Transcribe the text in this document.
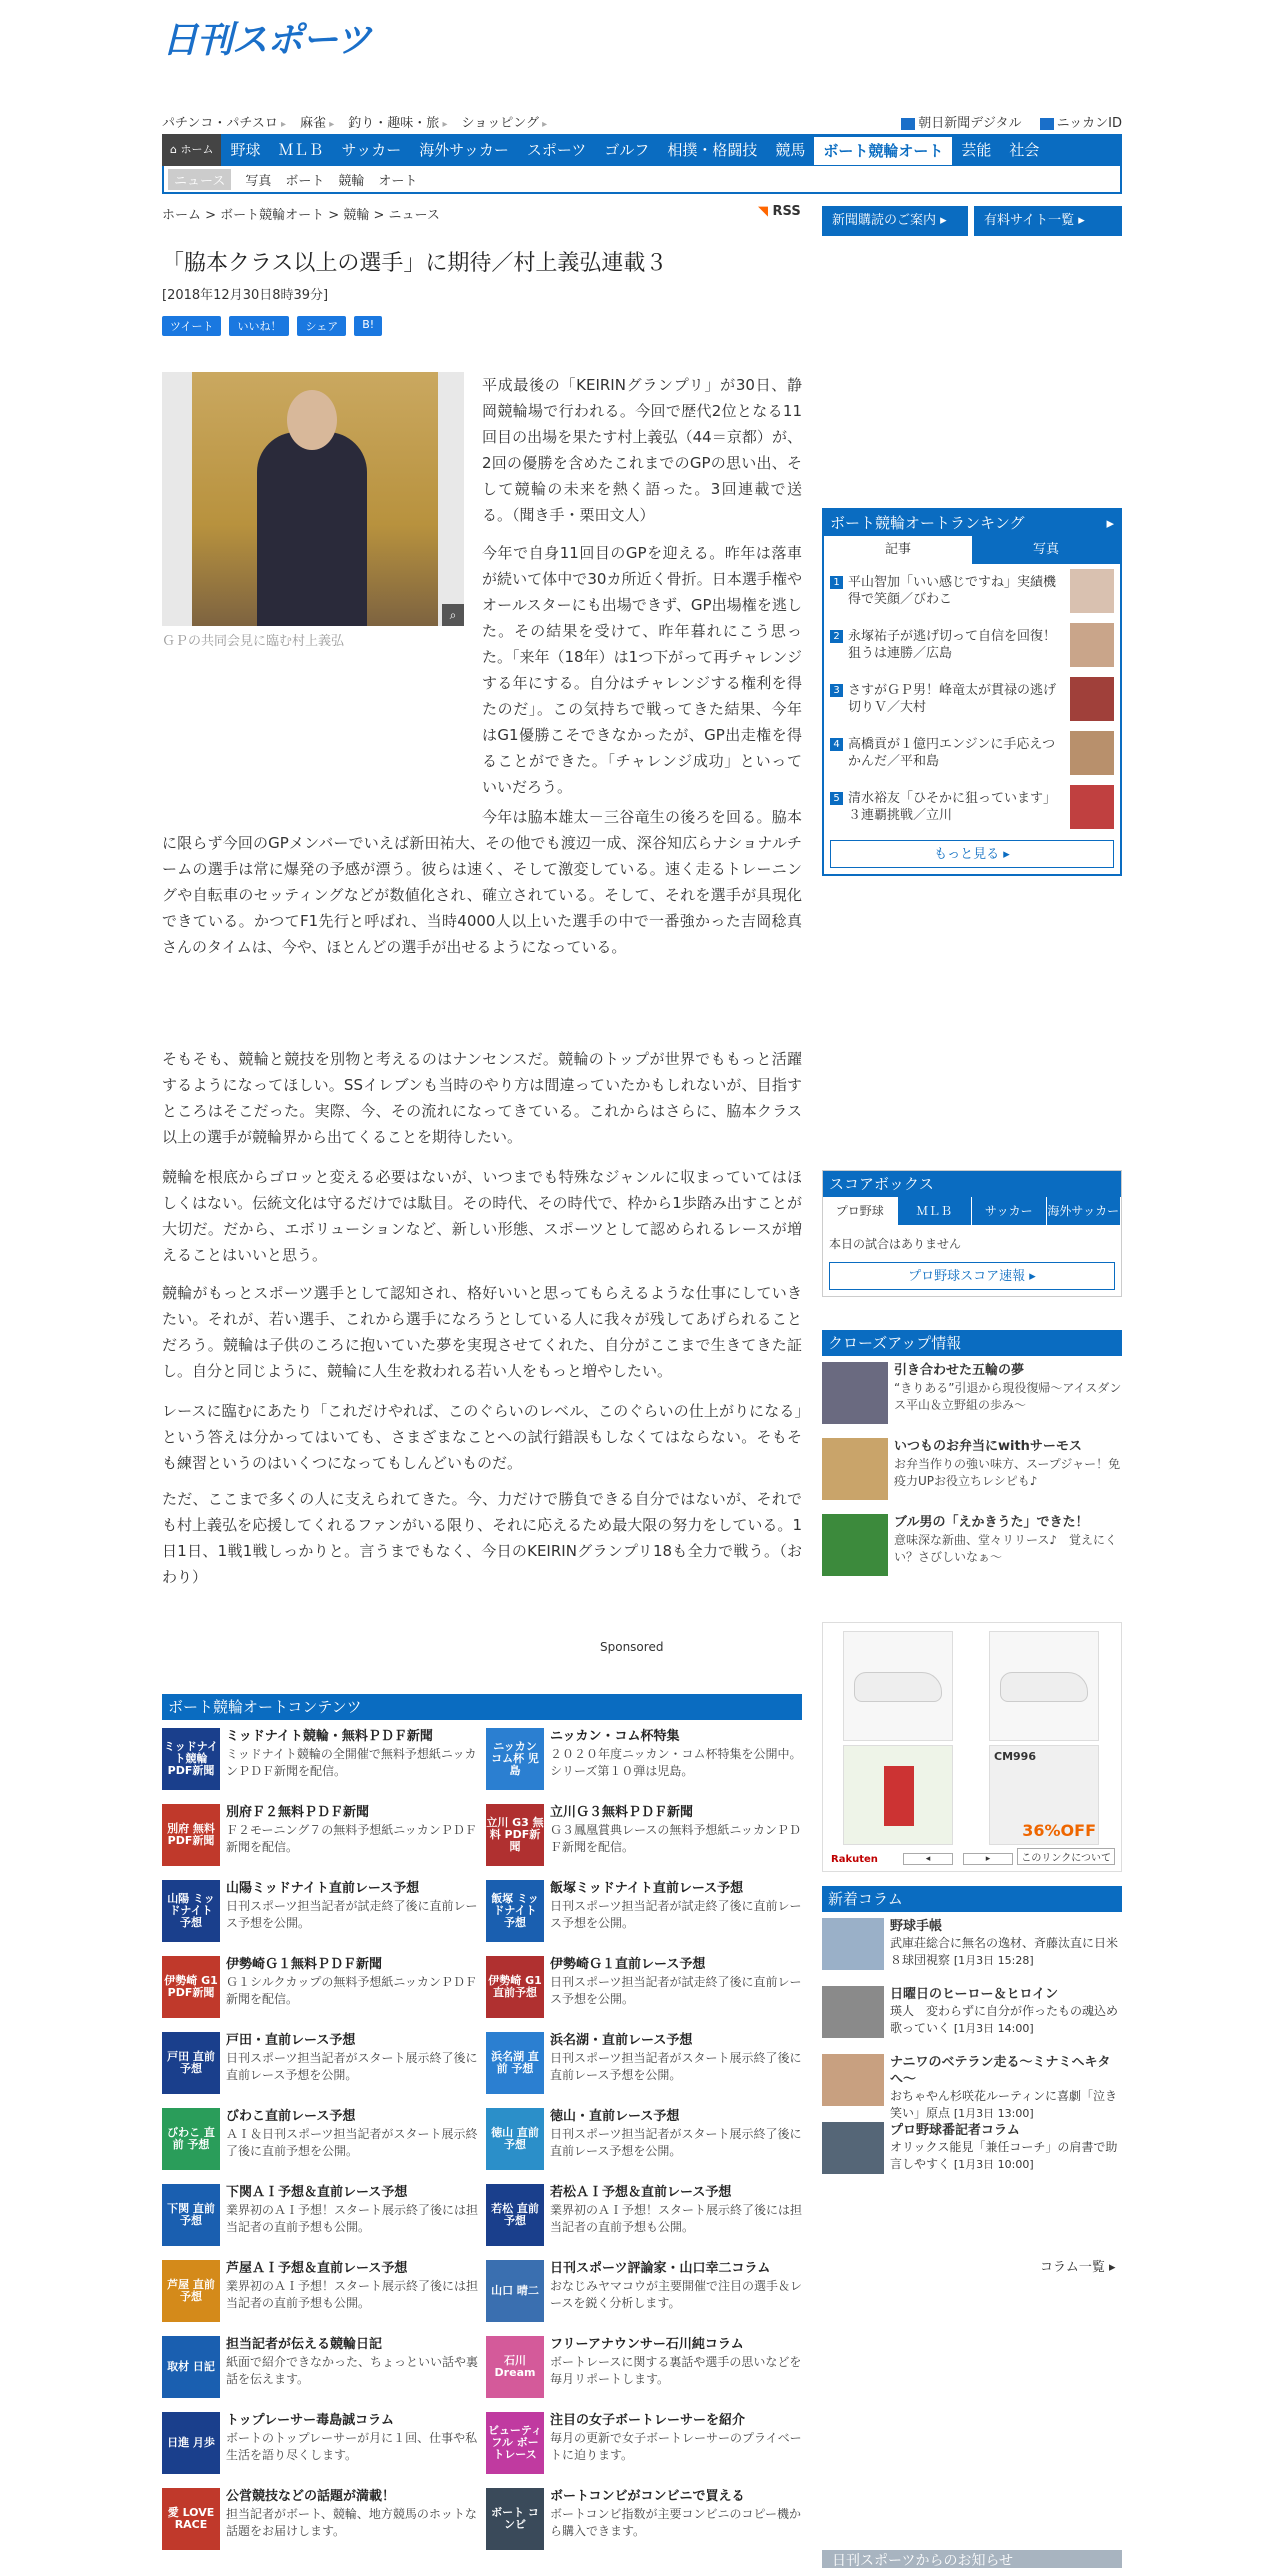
日刊スポーツ
パチンコ・パチスロ ▸ 麻雀 ▸ 釣り・趣味・旅 ▸ ショッピング ▸	朝日新聞デジタル	ニッカンID
⌂ ホーム	野球	ＭＬＢ	サッカー	海外サッカー	スポーツ	ゴルフ	相撲・格闘技	競馬	ボート競輪オート	芸能	社会
ニュース	写真 ボート 競輪 オート
ホーム > ボート競輪オート > 競輪 > ニュース	◥ RSS
新聞購読のご案内 ▸	有料サイト一覧 ▸
「脇本クラス以上の選手」に期待／村上義弘連載３
[2018年12月30日8時39分]
ツイート	いいね！	シェア	B!
⌕
ＧＰの共同会見に臨む村上義弘

平成最後の「KEIRINグランプリ」が30日、静岡競輪場で行われる。今回で歴代2位となる11回目の出場を果たす村上義弘（44＝京都）が、2回の優勝を含めたこれまでのGPの思い出、そして競輪の未来を熱く語った。3回連載で送る。（聞き手・栗田文人）

今年で自身11回目のGPを迎える。昨年は落車が続いて体中で30カ所近く骨折。日本選手権やオールスターにも出場できず、GP出場権を逃した。その結果を受けて、昨年暮れにこう思った。「来年（18年）は1つ下がって再チャレンジする年にする。自分はチャレンジする権利を得たのだ」。この気持ちで戦ってきた結果、今年はG1優勝こそできなかったが、GP出走権を得ることができた。「チャレンジ成功」といっていいだろう。

今年は脇本雄太－三谷竜生の後ろを回る。脇本に限らず今回のGPメンバーでいえば新田祐大、その他でも渡辺一成、深谷知広らナショナルチームの選手は常に爆発の予感が漂う。彼らは速く、そして激変している。速く走るトレーニングや自転車のセッティングなどが数値化され、確立されている。そして、それを選手が具現化できている。かつてF1先行と呼ばれ、当時4000人以上いた選手の中で一番強かった吉岡稔真さんのタイムは、今や、ほとんどの選手が出せるようになっている。

そもそも、競輪と競技を別物と考えるのはナンセンスだ。競輪のトップが世界でももっと活躍するようになってほしい。SSイレブンも当時のやり方は間違っていたかもしれないが、目指すところはそこだった。実際、今、その流れになってきている。これからはさらに、脇本クラス以上の選手が競輪界から出てくることを期待したい。

競輪を根底からゴロッと変える必要はないが、いつまでも特殊なジャンルに収まっていてはほしくはない。伝統文化は守るだけでは駄目。その時代、その時代で、枠から1歩踏み出すことが大切だ。だから、エボリューションなど、新しい形態、スポーツとして認められるレースが増えることはいいと思う。

競輪がもっとスポーツ選手として認知され、格好いいと思ってもらえるような仕事にしていきたい。それが、若い選手、これから選手になろうとしている人に我々が残してあげられることだろう。競輪は子供のころに抱いていた夢を実現させてくれた、自分がここまで生きてきた証し。自分と同じように、競輪に人生を救われる若い人をもっと増やしたい。

レースに臨むにあたり「これだけやれば、このぐらいのレベル、このぐらいの仕上がりになる」という答えは分かってはいても、さまざまなことへの試行錯誤もしなくてはならない。そもそも練習というのはいくつになってもしんどいものだ。

ただ、ここまで多くの人に支えられてきた。今、力だけで勝負できる自分ではないが、それでも村上義弘を応援してくれるファンがいる限り、それに応えるため最大限の努力をしている。1日1日、1戦1戦しっかりと。言うまでもなく、今日のKEIRINグランプリ18も全力で戦う。（おわり）

Sponsored
ボート競輪オートコンテンツ
ミッドナイト競輪 PDF新聞
ミッドナイト競輪・無料ＰＤＦ新聞
ミッドナイト競輪の全開催で無料予想紙ニッカンＰＤＦ新聞を配信。
ニッカン コム杯 児島
ニッカン・コム杯特集
２０２０年度ニッカン・コム杯特集を公開中。シリーズ第１０弾は児島。
別府 無料 PDF新聞
別府Ｆ２無料ＰＤＦ新聞
Ｆ２モーニング７の無料予想紙ニッカンＰＤＦ新聞を配信。
立川 G3 無料 PDF新聞
立川Ｇ３無料ＰＤＦ新聞
Ｇ３鳳凰賞典レースの無料予想紙ニッカンＰＤＦ新聞を配信。
山陽 ミッドナイト 予想
山陽ミッドナイト直前レース予想
日刊スポーツ担当記者が試走終了後に直前レース予想を公開。
飯塚 ミッドナイト 予想
飯塚ミッドナイト直前レース予想
日刊スポーツ担当記者が試走終了後に直前レース予想を公開。
伊勢崎 G1 PDF新聞
伊勢崎Ｇ１無料ＰＤＦ新聞
Ｇ１シルクカップの無料予想紙ニッカンＰＤＦ新聞を配信。
伊勢崎 G1 直前予想
伊勢崎Ｇ１直前レース予想
日刊スポーツ担当記者が試走終了後に直前レース予想を公開。
戸田 直前 予想
戸田・直前レース予想
日刊スポーツ担当記者がスタート展示終了後に直前レース予想を公開。
浜名湖 直前 予想
浜名湖・直前レース予想
日刊スポーツ担当記者がスタート展示終了後に直前レース予想を公開。
びわこ 直前 予想
びわこ直前レース予想
ＡＩ＆日刊スポーツ担当記者がスタート展示終了後に直前予想を公開。
徳山 直前 予想
徳山・直前レース予想
日刊スポーツ担当記者がスタート展示終了後に直前レース予想を公開。
下関 直前 予想
下関ＡＩ予想＆直前レース予想
業界初のＡＩ予想！スタート展示終了後には担当記者の直前予想も公開。
若松 直前 予想
若松ＡＩ予想＆直前レース予想
業界初のＡＩ予想！スタート展示終了後には担当記者の直前予想も公開。
芦屋 直前 予想
芦屋ＡＩ予想＆直前レース予想
業界初のＡＩ予想！スタート展示終了後には担当記者の直前予想も公開。
山口 晴二
日刊スポーツ評論家・山口幸二コラム
おなじみヤマコウが主要開催で注目の選手＆レースを鋭く分析します。
取材 日記
担当記者が伝える競輪日記
紙面で紹介できなかった、ちょっといい話や裏話を伝えます。
石川 Dream
フリーアナウンサー石川純コラム
ボートレースに関する裏話や選手の思いなどを毎月リポートします。
日進 月歩
トップレーサー毒島誠コラム
ボートのトップレーサーが月に１回、仕事や私生活を語り尽くします。
ビューティフル ボートレース
注目の女子ボートレーサーを紹介
毎月の更新で女子ボートレーサーのプライベートに迫ります。
愛 LOVE RACE
公営競技などの話題が満載！
担当記者がボート、競輪、地方競馬のホットな話題をお届けします。
ボート コンビ
ボートコンビがコンビニで買える
ボートコンビ指数が主要コンビニのコピー機から購入できます。
ボート競輪オートランキング	▸
記事	写真
1 平山智加「いい感じですね」実績機得で笑顔／びわこ
2 永塚祐子が逃げ切って自信を回復！狙うは連勝／広島
3 さすがＧＰ男！峰竜太が貫禄の逃げ切りＶ／大村
4 高橋貢が１億円エンジンに手応えつかんだ／平和島
5 清水裕友「ひそかに狙っています」３連覇挑戦／立川
もっと見る ▸
スコアボックス
プロ野球	ＭＬＢ	サッカー	海外サッカー
本日の試合はありません
プロ野球スコア速報 ▸
クローズアップ情報
引き合わせた五輪の夢
“きりある”引退から現役復帰〜アイスダンス平山＆立野組の歩み〜
いつものお弁当にwithサーモス
お弁当作りの強い味方、スープジャー！免疫力UPお役立ちレシピも♪
ブル男の「えかきうた」できた！
意味深な新曲、堂々リリース♪　覚えにくい？さびしいなぁ〜
CM996
36%OFF
Rakuten	◂	▸	このリンクについて
新着コラム
野球手帳
武庫荘総合に無名の逸材、斉藤汰直に日米８球団視察 [1月3日 15:28]
日曜日のヒーロー＆ヒロイン
瑛人　変わらずに自分が作ったもの魂込め歌っていく [1月3日 14:00]
ナニワのベテラン走る〜ミナミヘキタへ〜
おちゃやん杉咲花ルーティンに喜劇「泣き笑い」原点 [1月3日 13:00]
プロ野球番記者コラム
オリックス能見「兼任コーチ」の肩書で助言しやすく [1月3日 10:00]
コラム一覧 ▸
日刊スポーツからのお知らせ
